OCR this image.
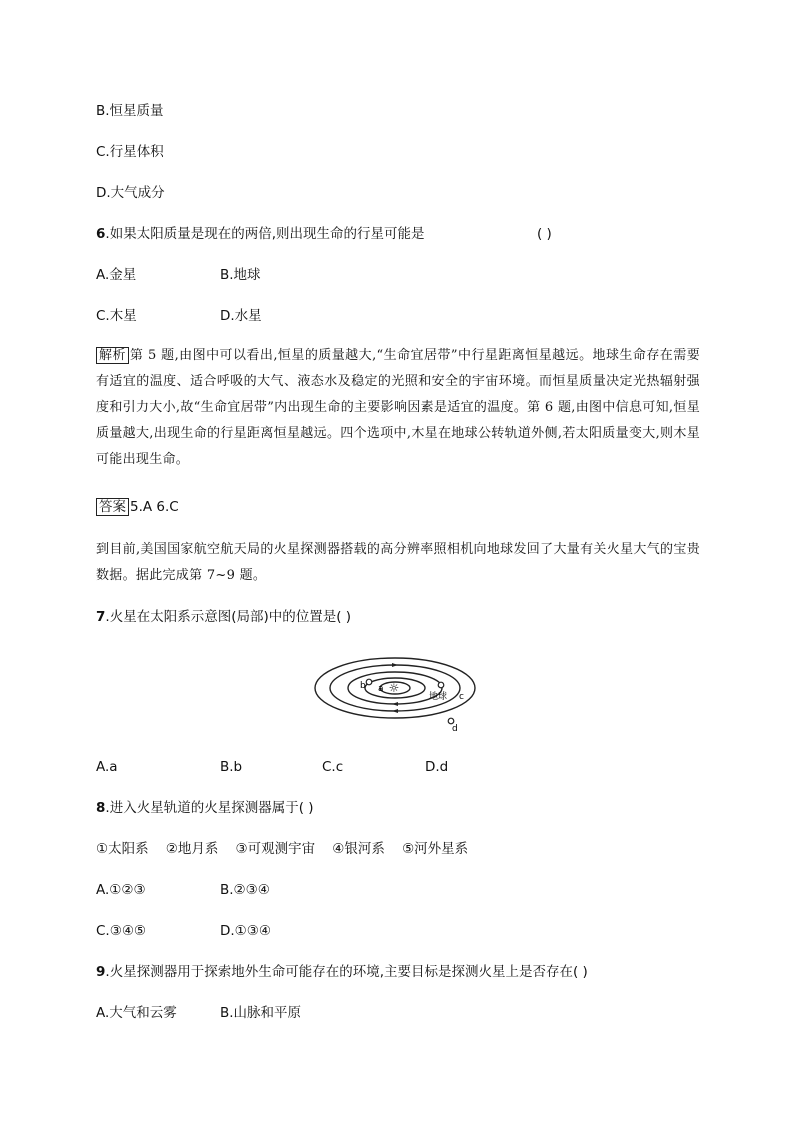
B.恒星质量
C.行星体积
D.大气成分
6.如果太阳质量是现在的两倍,则出现生命的行星可能是	( )
A.金星	B.地球
C.木星	D.水星
解析 第 5 题,由图中可以看出,恒星的质量越大,“生命宜居带”中行星距离恒星越远。地球生命存在需要有适宜的温度、适合呼吸的大气、液态水及稳定的光照和安全的宇宙环境。而恒星质量决定光热辐射强度和引力大小,故“生命宜居带”内出现生命的主要影响因素是适宜的温度。第 6 题,由图中信息可知,恒星质量越大,出现生命的行星距离恒星越远。四个选项中,木星在地球公转轨道外侧,若太阳质量变大,则木星可能出现生命。
答案 5.A 6.C
到目前,美国国家航空航天局的火星探测器搭载的高分辨率照相机向地球发回了大量有关火星大气的宝贵数据。据此完成第 7~9 题。
7.火星在太阳系示意图(局部)中的位置是( )
☼
a
b
c
d
地球
A.a	B.b	C.c	D.d
8.进入火星轨道的火星探测器属于( )
①太阳系    ②地月系    ③可观测宇宙    ④银河系    ⑤河外星系
A.①②③	B.②③④
C.③④⑤	D.①③④
9.火星探测器用于探索地外生命可能存在的环境,主要目标是探测火星上是否存在( )
A.大气和云雾	B.山脉和平原
